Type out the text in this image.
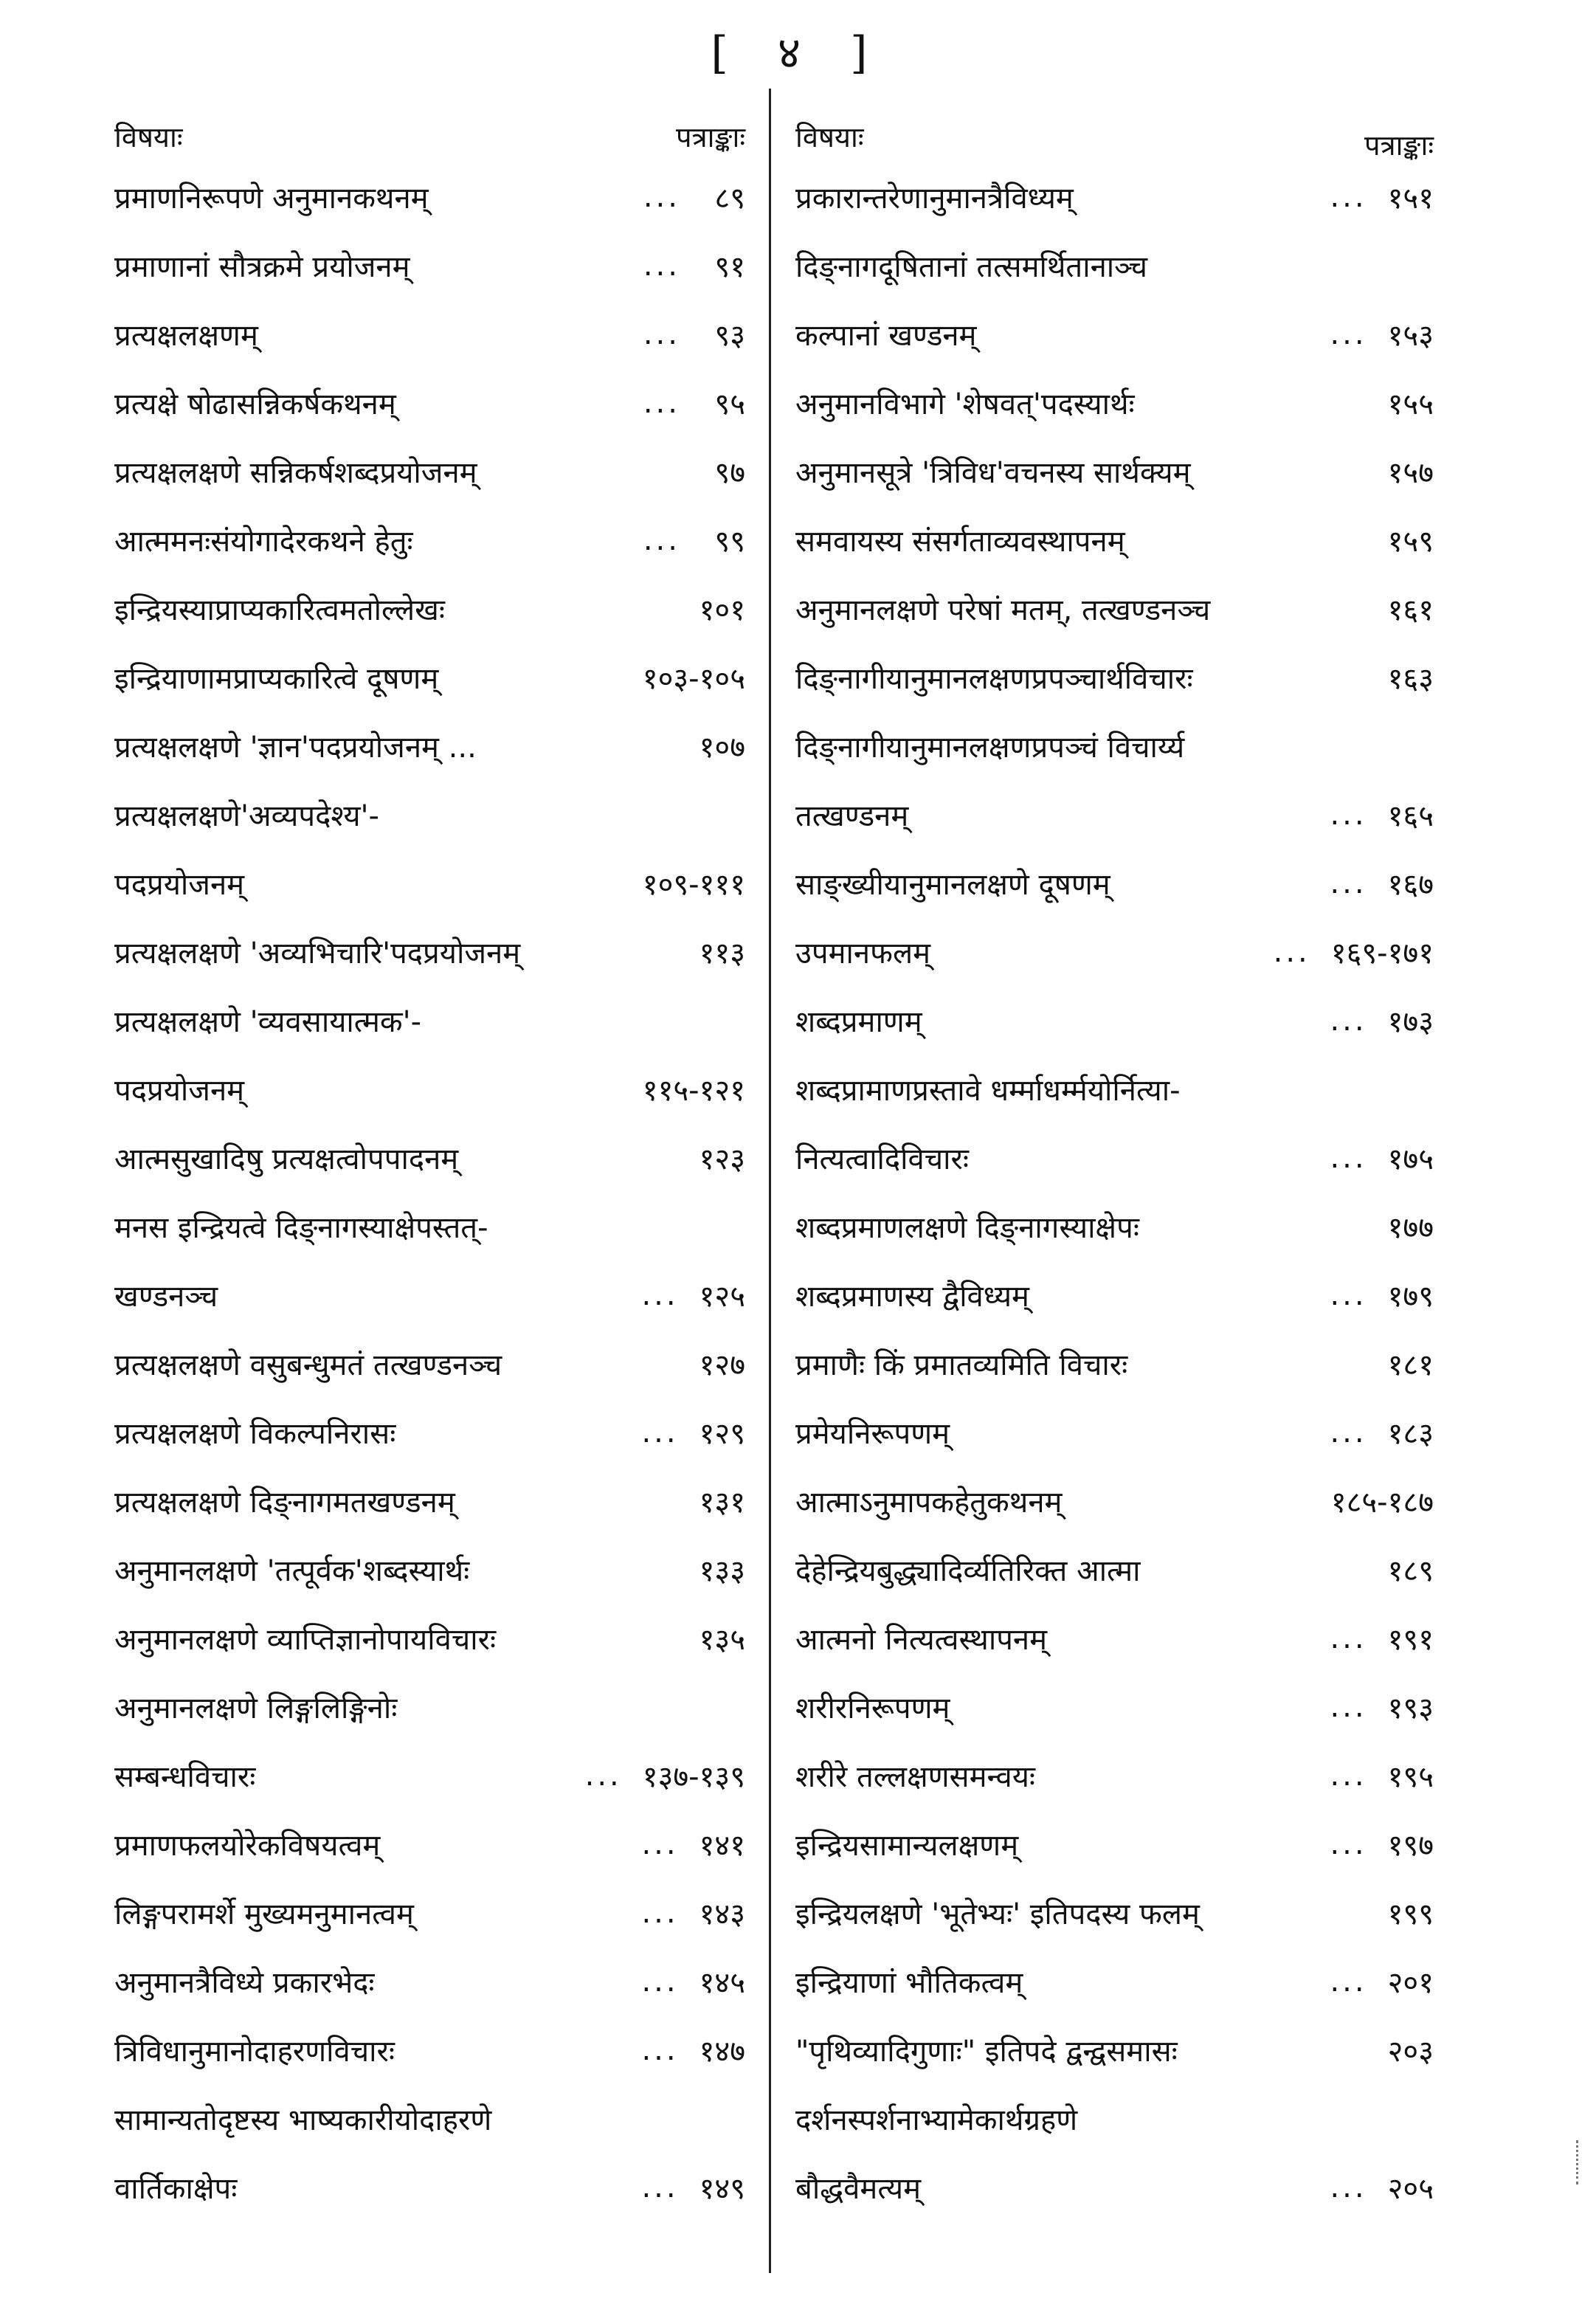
[ ४ ]
विषयाः	पत्राङ्काः
प्रमाणनिरूपणे अनुमानकथनम्	...	८९
प्रमाणानां सौत्रक्रमे प्रयोजनम्	...	९१
प्रत्यक्षलक्षणम्	...	९३
प्रत्यक्षे षोढासन्निकर्षकथनम्	...	९५
प्रत्यक्षलक्षणे सन्निकर्षशब्दप्रयोजनम्	९७
आत्ममनःसंयोगादेरकथने हेतुः	...	९९
इन्द्रियस्याप्राप्यकारित्वमतोल्लेखः	१०१
इन्द्रियाणामप्राप्यकारित्वे दूषणम्	१०३-१०५
प्रत्यक्षलक्षणे 'ज्ञान'पदप्रयोजनम् ...	१०७
प्रत्यक्षलक्षणे'अव्यपदेश्य'-
पदप्रयोजनम्	१०९-१११
प्रत्यक्षलक्षणे 'अव्यभिचारि'पदप्रयोजनम्	११३
प्रत्यक्षलक्षणे 'व्यवसायात्मक'-
पदप्रयोजनम्	११५-१२१
आत्मसुखादिषु प्रत्यक्षत्वोपपादनम्	१२३
मनस इन्द्रियत्वे दिङ्नागस्याक्षेपस्तत्-
खण्डनञ्च	... १२५
प्रत्यक्षलक्षणे वसुबन्धुमतं तत्खण्डनञ्च	१२७
प्रत्यक्षलक्षणे विकल्पनिरासः	... १२९
प्रत्यक्षलक्षणे दिङ्नागमतखण्डनम्	१३१
अनुमानलक्षणे 'तत्पूर्वक'शब्दस्यार्थः	१३३
अनुमानलक्षणे व्याप्तिज्ञानोपायविचारः	१३५
अनुमानलक्षणे लिङ्गलिङ्गिनोः
सम्बन्धविचारः	... १३७-१३९
प्रमाणफलयोरेकविषयत्वम्	... १४१
लिङ्गपरामर्शे मुख्यमनुमानत्वम्	... १४३
अनुमानत्रैविध्ये प्रकारभेदः	... १४५
त्रिविधानुमानोदाहरणविचारः	... १४७
सामान्यतोदृष्टस्य भाष्यकारीयोदाहरणे
वार्तिकाक्षेपः	... १४९
विषयाः	पत्राङ्काः
प्रकारान्तरेणानुमानत्रैविध्यम्	... १५१
दिङ्नागदूषितानां तत्समर्थितानाञ्च
कल्पानां खण्डनम्	... १५३
अनुमानविभागे 'शेषवत्'पदस्यार्थः	१५५
अनुमानसूत्रे 'त्रिविध'वचनस्य सार्थक्यम्	१५७
समवायस्य संसर्गताव्यवस्थापनम्	१५९
अनुमानलक्षणे परेषां मतम्, तत्खण्डनञ्च	१६१
दिङ्नागीयानुमानलक्षणप्रपञ्चार्थविचारः	१६३
दिङ्नागीयानुमानलक्षणप्रपञ्चं विचार्य्य
तत्खण्डनम्	... १६५
साङ्ख्यीयानुमानलक्षणे दूषणम्	... १६७
उपमानफलम्	... १६९-१७१
शब्दप्रमाणम्	... १७३
शब्दप्रामाणप्रस्तावे धर्म्माधर्म्मयोर्नित्या-
नित्यत्वादिविचारः	... १७५
शब्दप्रमाणलक्षणे दिङ्नागस्याक्षेपः	१७७
शब्दप्रमाणस्य द्वैविध्यम्	... १७९
प्रमाणैः किं प्रमातव्यमिति विचारः	१८१
प्रमेयनिरूपणम्	... १८३
आत्माऽनुमापकहेतुकथनम्	१८५-१८७
देहेन्द्रियबुद्ध्यादिर्व्यतिरिक्त आत्मा	१८९
आत्मनो नित्यत्वस्थापनम्	... १९१
शरीरनिरूपणम्	... १९३
शरीरे तल्लक्षणसमन्वयः	... १९५
इन्द्रियसामान्यलक्षणम्	... १९७
इन्द्रियलक्षणे 'भूतेभ्यः' इतिपदस्य फलम्	१९९
इन्द्रियाणां भौतिकत्वम्	... २०१
"पृथिव्यादिगुणाः" इतिपदे द्वन्द्वसमासः	२०३
दर्शनस्पर्शनाभ्यामेकार्थग्रहणे
बौद्धवैमत्यम्	... २०५
